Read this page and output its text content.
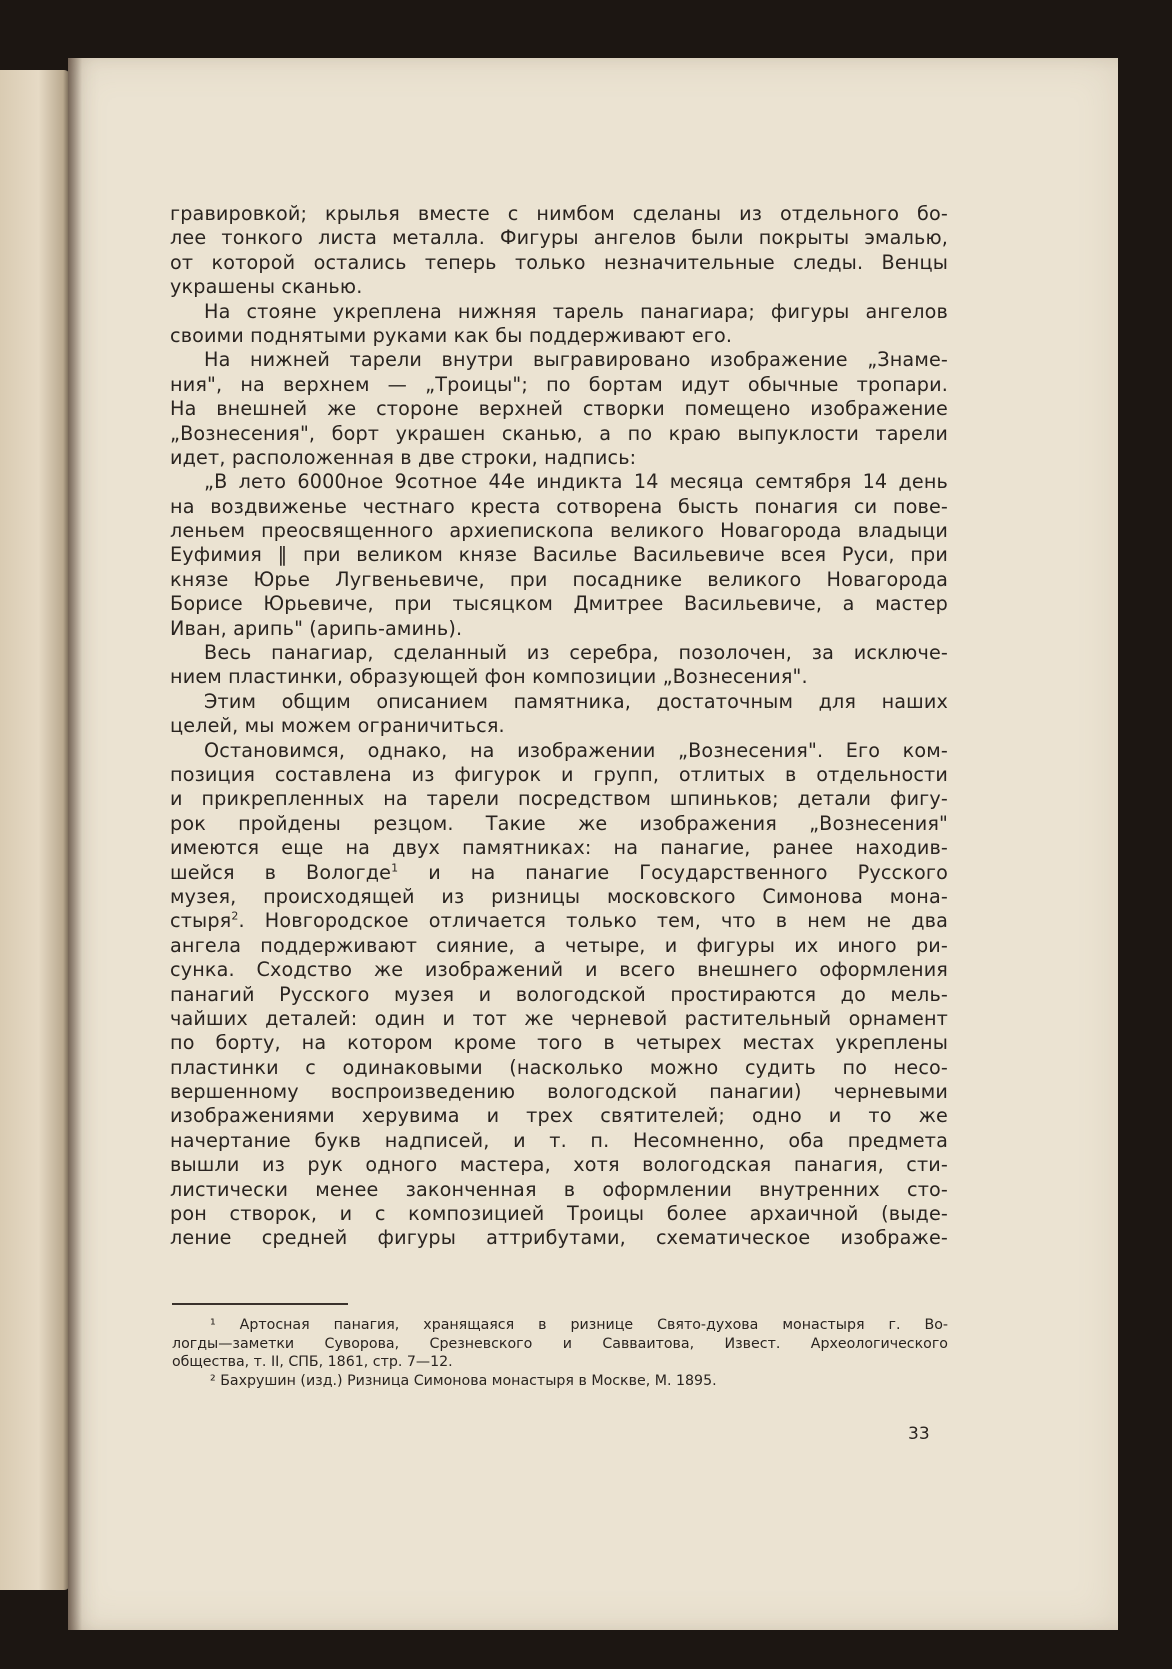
гравировкой; крылья вместе с нимбом сделаны из отдельного бо-
лее тонкого листа металла. Фигуры ангелов были покрыты эмалью,
от которой остались теперь только незначительные следы. Венцы
украшены сканью.
На стояне укреплена нижняя тарель панагиара; фигуры ангелов
своими поднятыми руками как бы поддерживают его.
На нижней тарели внутри выгравировано изображение „Знаме-
ния", на верхнем — „Троицы"; по бортам идут обычные тропари.
На внешней же стороне верхней створки помещено изображение
„Вознесения", борт украшен сканью, а по краю выпуклости тарели
идет, расположенная в две строки, надпись:
„В лето 6000ное 9сотное 44е индикта 14 месяца семтября 14 день
на воздвиженье честнаго креста сотворена бысть понагия си пове-
леньем преосвященного архиепископа великого Новагорода владыци
Еуфимия ‖ при великом князе Василье Васильевиче всея Руси, при
князе Юрье Лугвеньевиче, при посаднике великого Новагорода
Борисе Юрьевиче, при тысяцком Дмитрее Васильевиче, а мастер
Иван, арипь" (арипь-аминь).
Весь панагиар, сделанный из серебра, позолочен, за исключе-
нием пластинки, образующей фон композиции „Вознесения".
Этим общим описанием памятника, достаточным для наших
целей, мы можем ограничиться.
Остановимся, однако, на изображении „Вознесения". Его ком-
позиция составлена из фигурок и групп, отлитых в отдельности
и прикрепленных на тарели посредством шпиньков; детали фигу-
рок пройдены резцом. Такие же изображения „Вознесения"
имеются еще на двух памятниках: на панагие, ранее находив-
шейся в Вологде$^1$ и на панагие Государственного Русского
музея, происходящей из ризницы московского Симонова мона-
стыря$^2$. Новгородское отличается только тем, что в нем не два
ангела поддерживают сияние, а четыре, и фигуры их иного ри-
сунка. Сходство же изображений и всего внешнего оформления
панагий Русского музея и вологодской простираются до мель-
чайших деталей: один и тот же черневой растительный орнамент
по борту, на котором кроме того в четырех местах укреплены
пластинки с одинаковыми (насколько можно судить по несо-
вершенному воспроизведению вологодской панагии) черневыми
изображениями херувима и трех святителей; одно и то же
начертание букв надписей, и т. п. Несомненно, оба предмета
вышли из рук одного мастера, хотя вологодская панагия, сти-
листически менее законченная в оформлении внутренних сто-
рон створок, и с композицией Троицы более архаичной (выде-
ление средней фигуры аттрибутами, схематическое изображе-
¹ Артосная панагия, хранящаяся в ризнице Свято-духова монастыря г. Во-
логды—заметки Суворова, Срезневского и Савваитова, Извест. Археологического
общества, т. II, СПБ, 1861, стр. 7—12.
² Бахрушин (изд.) Ризница Симонова монастыря в Москве, М. 1895.
33
